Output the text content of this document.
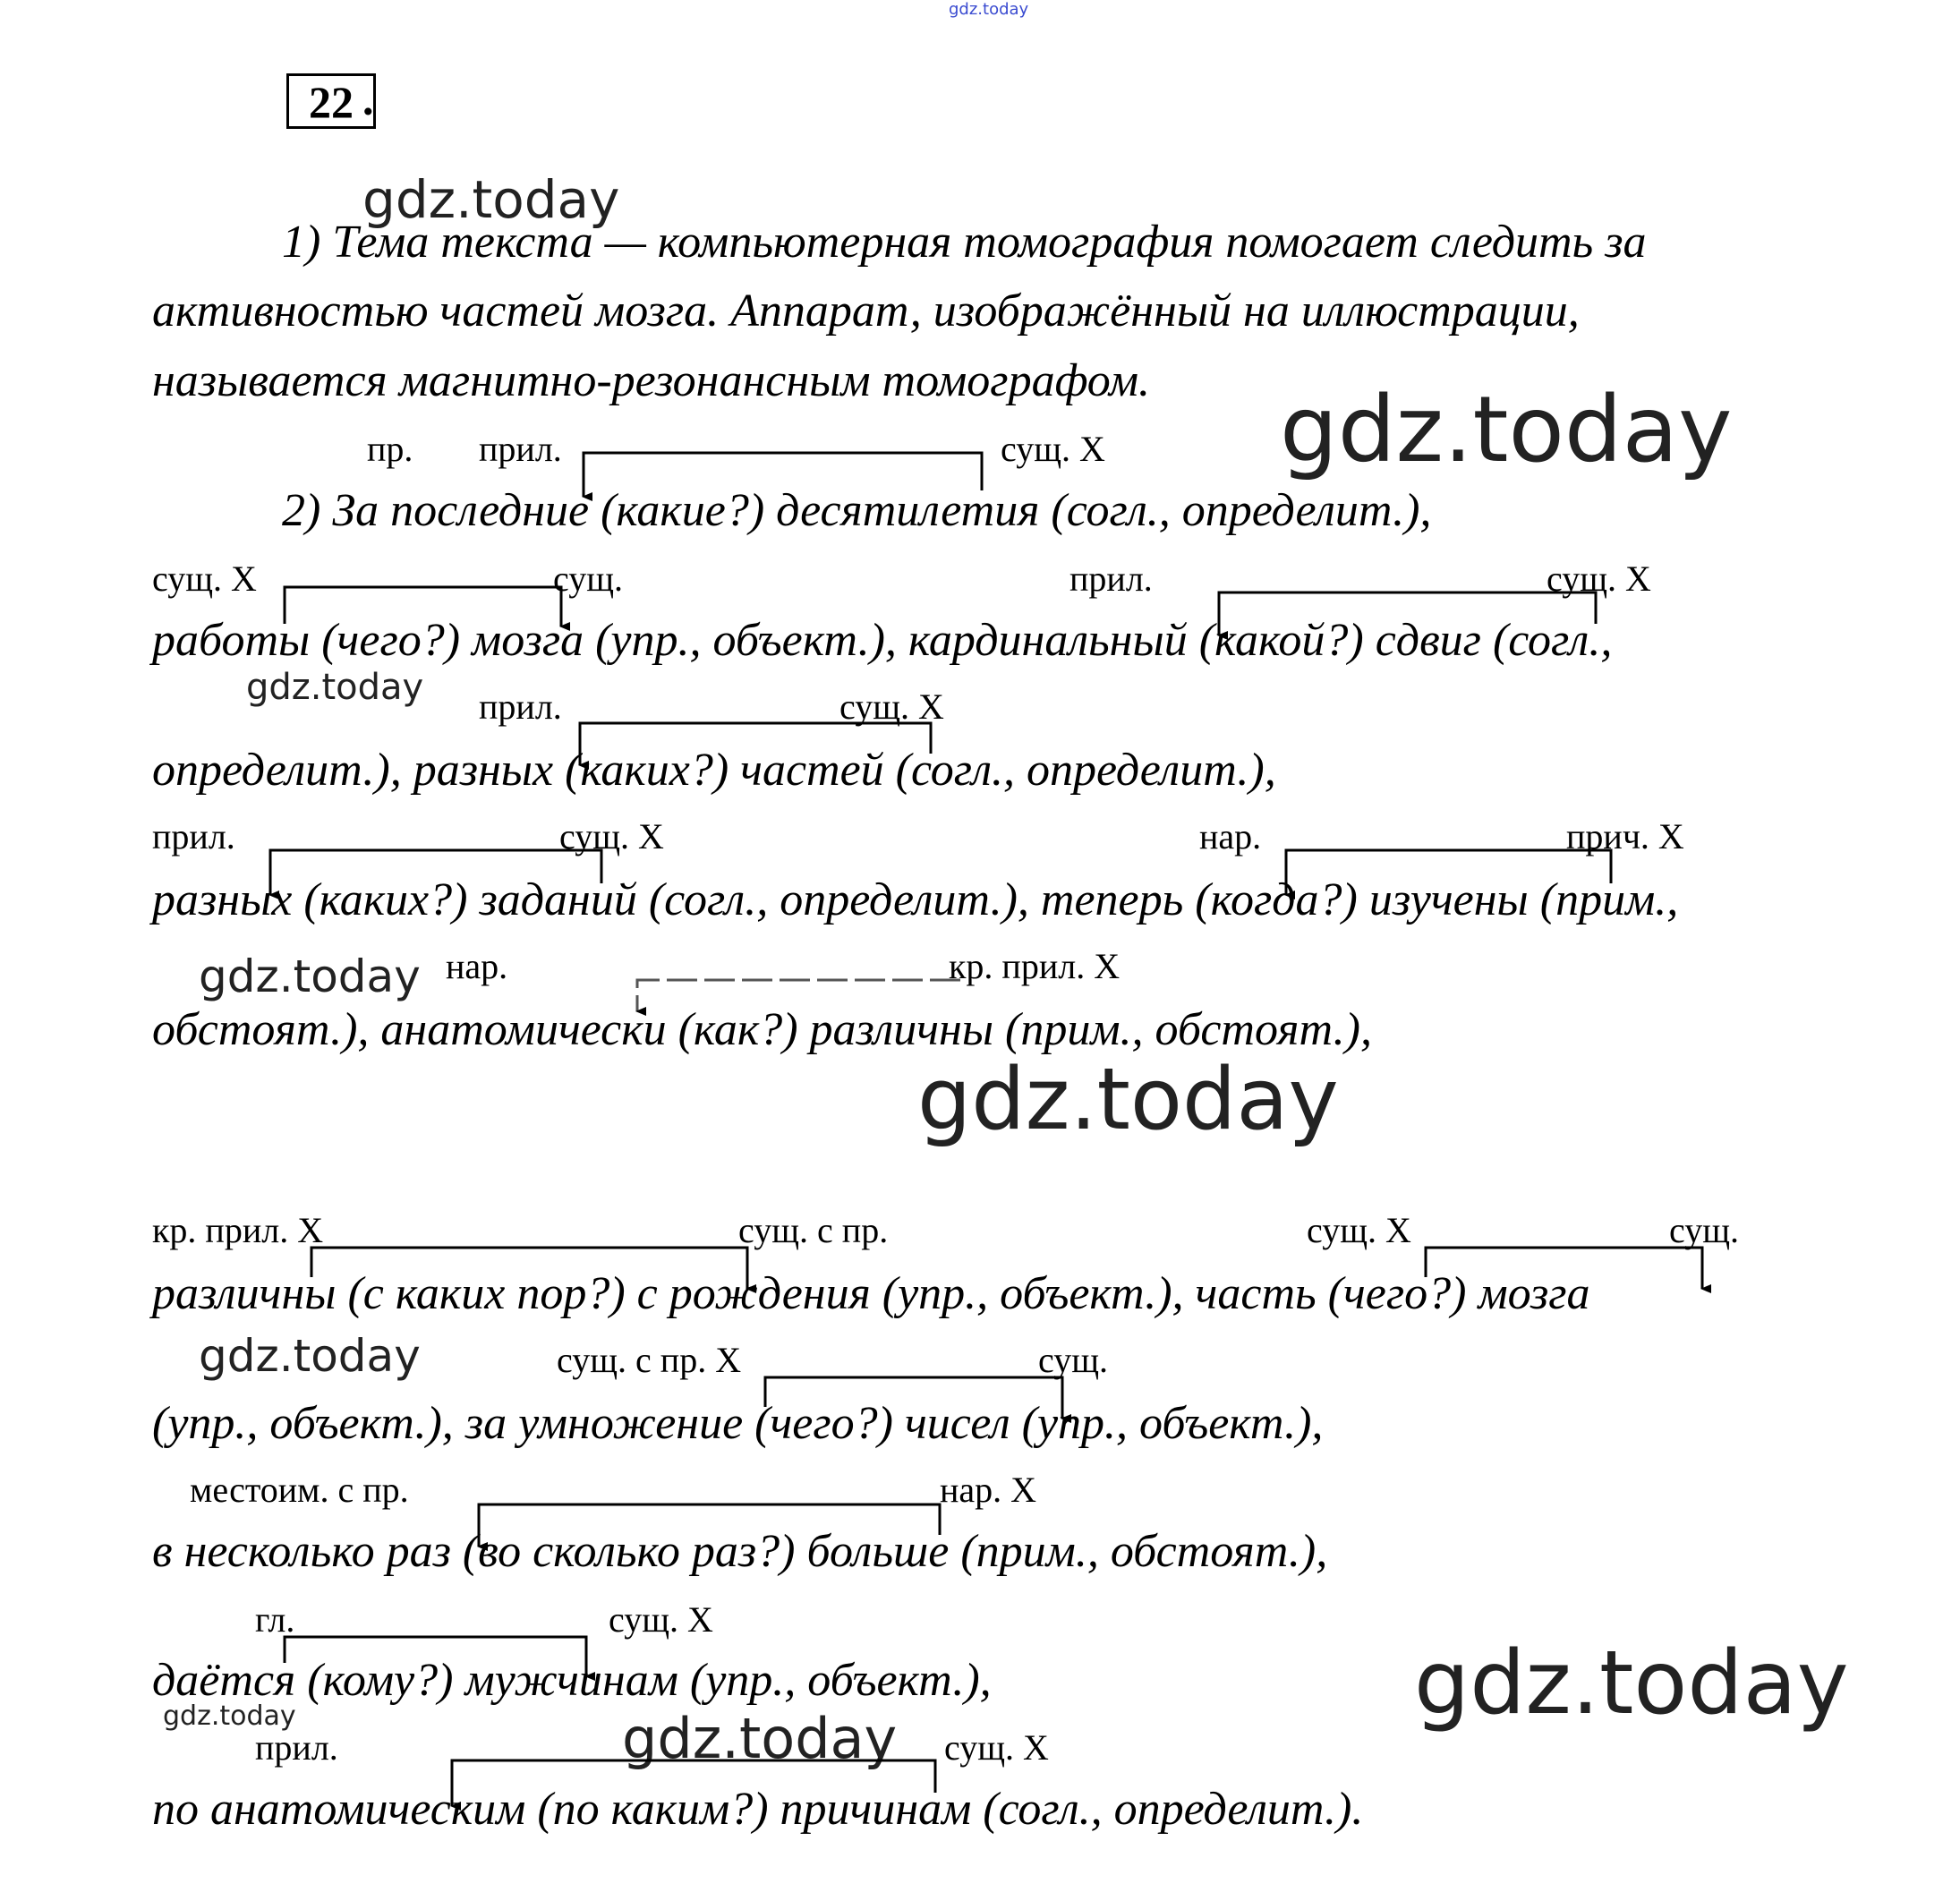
gdz.today
gdz.today
gdz.today
gdz.today
gdz.today
gdz.today
gdz.today
gdz.today
gdz.today	gdz.today
22 .
1) Тема текста — компьютерная томография помогает следить за
активностью частей мозга. Аппарат, изображённый на иллюстрации,
называется магнитно-резонансным томографом.
2) За последние (какие?) десятилетия (согл., определит.),
работы (чего?) мозга (упр., объект.), кардинальный (какой?) сдвиг (согл.,
определит.), разных (каких?) частей (согл., определит.),
разных (каких?) заданий (согл., определит.), теперь (когда?) изучены (прим.,
обстоят.), анатомически (как?) различны (прим., обстоят.),
различны (с каких пор?) с рождения (упр., объект.), часть (чего?) мозга
(упр., объект.), за умножение (чего?) чисел (упр., объект.),
в несколько раз (во сколько раз?) больше (прим., обстоят.),
даётся (кому?) мужчинам (упр., объект.),
по анатомическим (по каким?) причинам (согл., определит.).
пр. прил.	сущ. Х
сущ. Х	сущ.	прил.	сущ. Х
прил.	сущ. Х
прил.	сущ. Х	нар.	прич. Х
нар.	кр. прил. Х
кр. прил. Х	сущ. с пр.	сущ. Х	сущ.
сущ. с пр. Х	сущ.
местоим. с пр.	нар. Х
гл.	сущ. Х
прил.	сущ. Х
